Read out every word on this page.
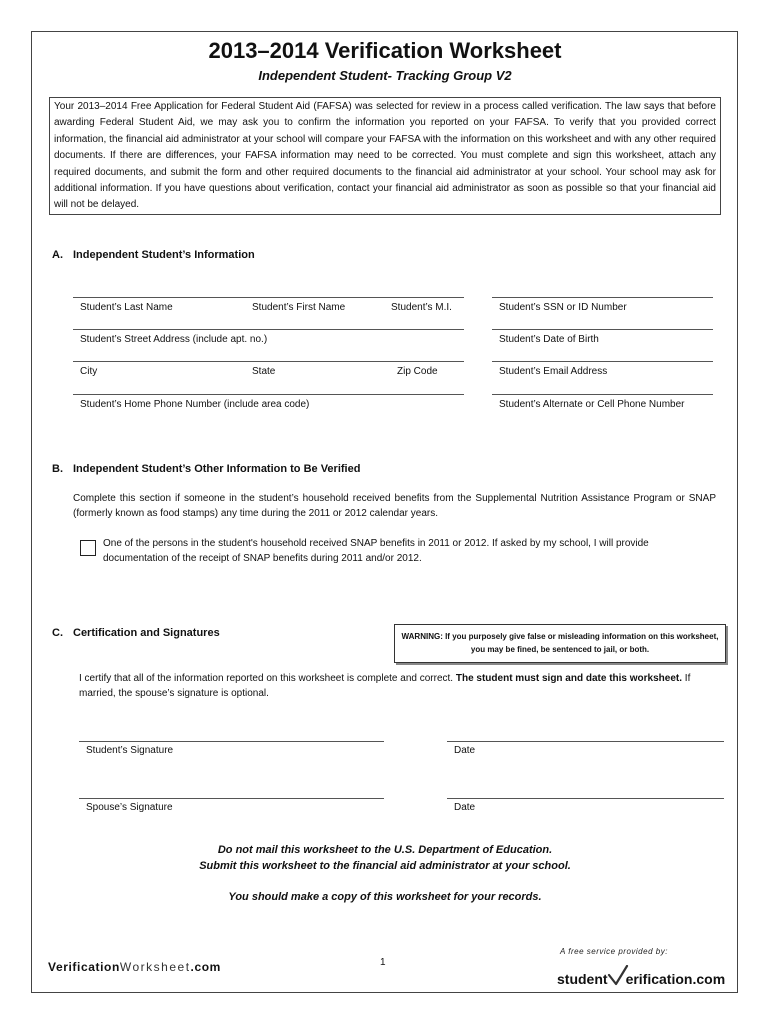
2013–2014 Verification Worksheet
Independent Student- Tracking Group V2

Your 2013–2014 Free Application for Federal Student Aid (FAFSA) was selected for review in a process called verification. The law says that before awarding Federal Student Aid, we may ask you to confirm the information you reported on your FAFSA. To verify that you provided correct information, the financial aid administrator at your school will compare your FAFSA with the information on this worksheet and with any other required documents. If there are differences, your FAFSA information may need to be corrected. You must complete and sign this worksheet, attach any required documents, and submit the form and other required documents to the financial aid administrator at your school. Your school may ask for additional information. If you have questions about verification, contact your financial aid administrator as soon as possible so that your financial aid will not be delayed.

A. Independent Student’s Information
Student’s Last Name	Student’s First Name	Student’s M.I.	Student’s SSN or ID Number
Student’s Street Address (include apt. no.)	Student’s Date of Birth
City	State	Zip Code	Student’s Email Address
Student’s Home Phone Number (include area code)	Student’s Alternate or Cell Phone Number
B. Independent Student’s Other Information to Be Verified

Complete this section if someone in the student’s household received benefits from the Supplemental Nutrition Assistance Program or SNAP (formerly known as food stamps) any time during the 2011 or 2012 calendar years.

One of the persons in the student's household received SNAP benefits in 2011 or 2012. If asked by my school, I will provide documentation of the receipt of SNAP benefits during 2011 and/or 2012.

C. Certification and Signatures	WARNING: If you purposely give false or misleading information on this worksheet, you may be fined, be sentenced to jail, or both.

I certify that all of the information reported on this worksheet is complete and correct. The student must sign and date this worksheet. If married, the spouse’s signature is optional.

Student’s Signature	Date
Spouse’s Signature	Date
Do not mail this worksheet to the U.S. Department of Education.
Submit this worksheet to the financial aid administrator at your school.
You should make a copy of this worksheet for your records.
VerificationWorksheet.com	1
A free service provided by:
student erification.com
